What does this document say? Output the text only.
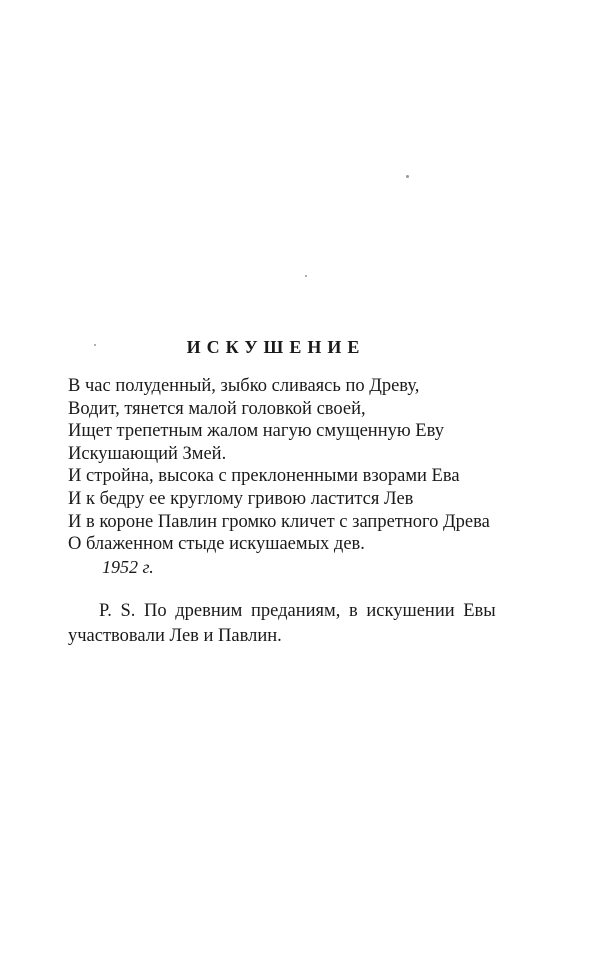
ИСКУШЕНИЕ
В час полуденный, зыбко сливаясь по Древу,
Водит, тянется малой головкой своей,
Ищет трепетным жалом нагую смущенную Еву
Искушающий Змей.
И стройна, высока с преклоненными взорами Ева
И к бедру ее круглому гривою ластится Лев
И в короне Павлин громко кличет с запретного Древа
О блаженном стыде искушаемых дев.
1952 г.
P. S. По древним преданиям, в искушении Евы
участвовали Лев и Павлин.
